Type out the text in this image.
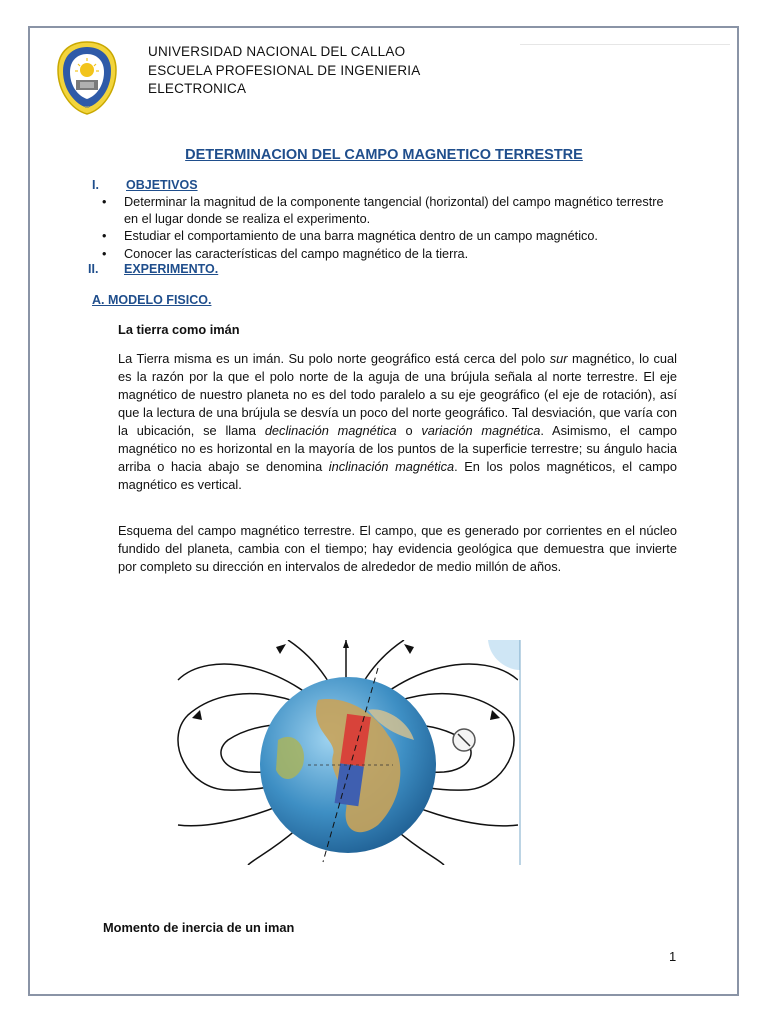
1966
UNIVERSIDAD NACIONAL DEL CALLAO
ESCUELA PROFESIONAL DE INGENIERIA
ELECTRONICA
DETERMINACION DEL CAMPO MAGNETICO TERRESTRE
I. OBJETIVOS
• Determinar la magnitud de la componente tangencial (horizontal) del campo magnético terrestre en el lugar donde se realiza el experimento.
• Estudiar el comportamiento de una barra magnética dentro de un campo magnético.
• Conocer las características del campo magnético de la tierra.
II. EXPERIMENTO.
A. MODELO FISICO.
La tierra como imán

La Tierra misma es un imán. Su polo norte geográfico está cerca del polo sur magnético, lo cual es la razón por la que el polo norte de la aguja de una brújula señala al norte terrestre. El eje magnético de nuestro planeta no es del todo paralelo a su eje geográfico (el eje de rotación), así que la lectura de una brújula se desvía un poco del norte geográfico. Tal desviación, que varía con la ubicación, se llama declinación magnética o variación magnética. Asimismo, el campo magnético no es horizontal en la mayoría de los puntos de la superficie terrestre; su ángulo hacia arriba o hacia abajo se denomina inclinación magnética. En los polos magnéticos, el campo magnético es vertical.

Esquema del campo magnético terrestre. El campo, que es generado por corrientes en el núcleo fundido del planeta, cambia con el tiempo; hay evidencia geológica que demuestra que invierte por completo su dirección en intervalos de alrededor de medio millón de años.

Momento de inercia de un iman
1
